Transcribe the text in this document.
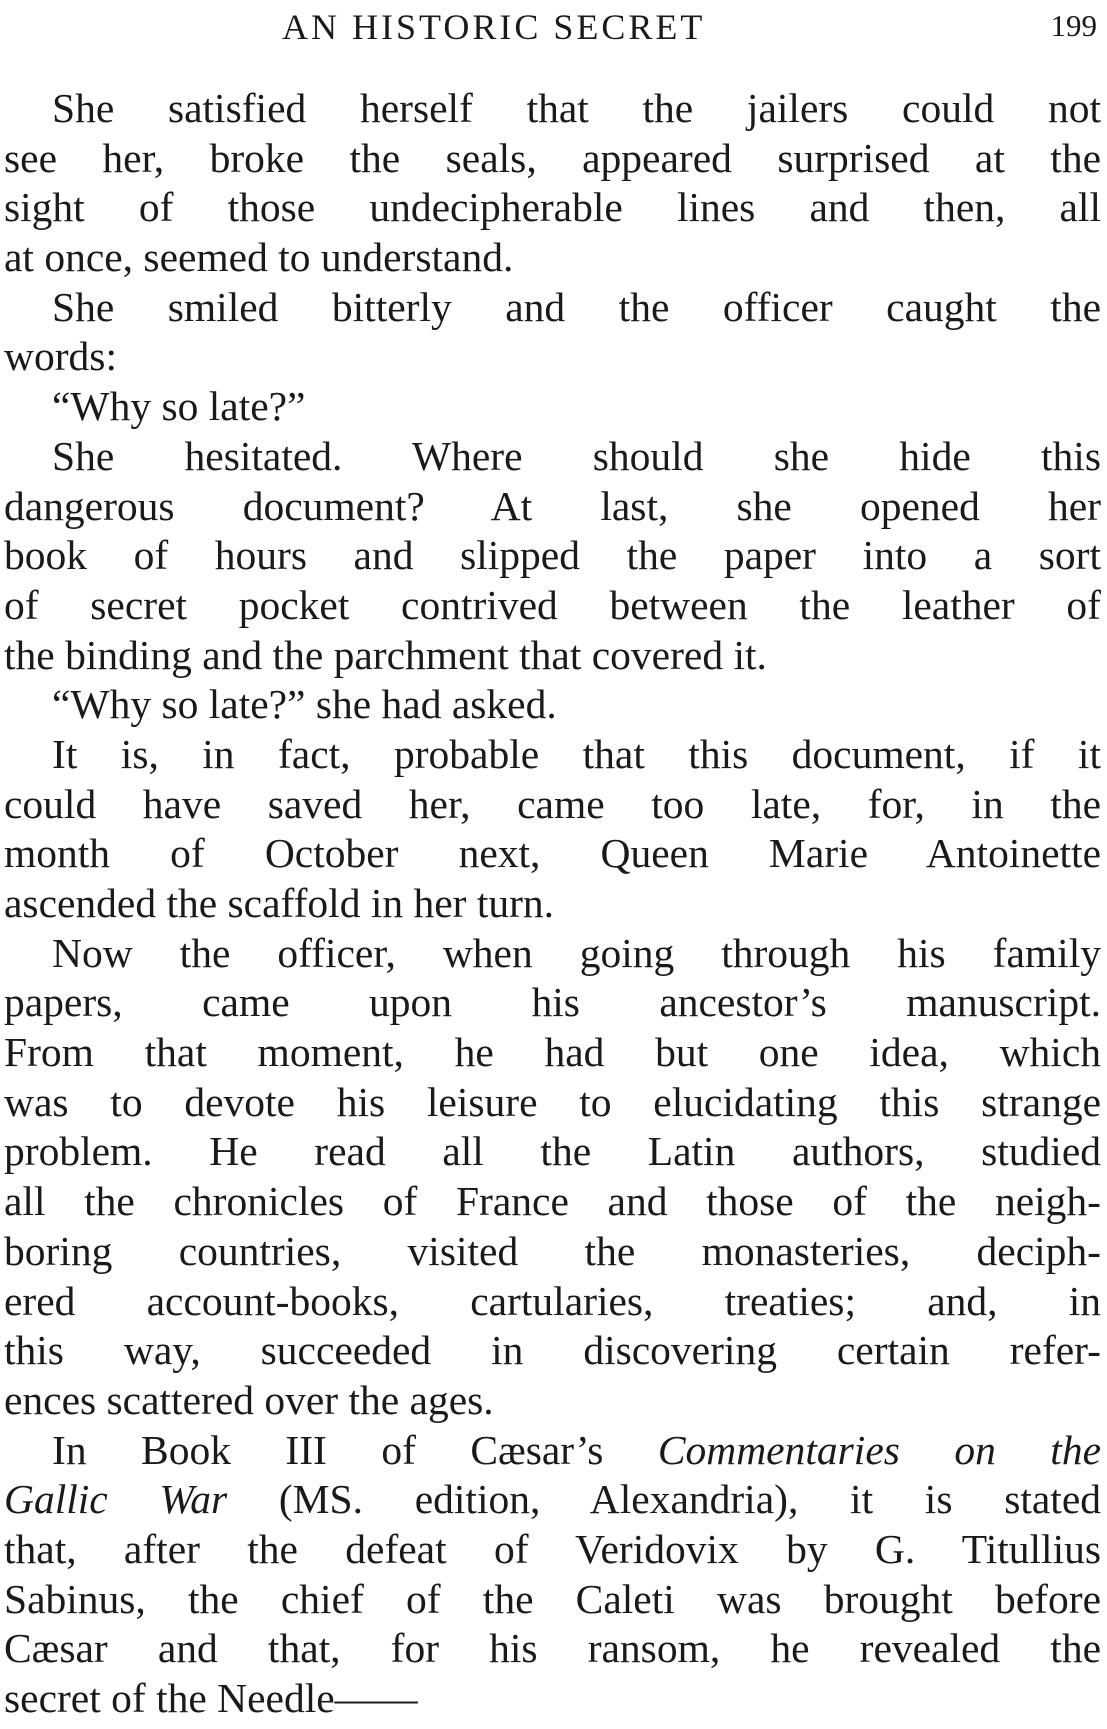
AN HISTORIC SECRET	199
She satisfied herself that the jailers could not
see her, broke the seals, appeared surprised at the
sight of those undecipherable lines and then, all
at once, seemed to understand.
She smiled bitterly and the officer caught the
words:
“Why so late?”
She hesitated. Where should she hide this
dangerous document? At last, she opened her
book of hours and slipped the paper into a sort
of secret pocket contrived between the leather of
the binding and the parchment that covered it.
“Why so late?” she had asked.
It is, in fact, probable that this document, if it
could have saved her, came too late, for, in the
month of October next, Queen Marie Antoinette
ascended the scaffold in her turn.
Now the officer, when going through his family
papers, came upon his ancestor’s manuscript.
From that moment, he had but one idea, which
was to devote his leisure to elucidating this strange
problem. He read all the Latin authors, studied
all the chronicles of France and those of the neigh-
boring countries, visited the monasteries, deciph-
ered account-books, cartularies, treaties; and, in
this way, succeeded in discovering certain refer-
ences scattered over the ages.
In Book III of Cæsar’s Commentaries on the
Gallic War (MS. edition, Alexandria), it is stated
that, after the defeat of Veridovix by G. Titullius
Sabinus, the chief of the Caleti was brought before
Cæsar and that, for his ransom, he revealed the
secret of the Needle——
